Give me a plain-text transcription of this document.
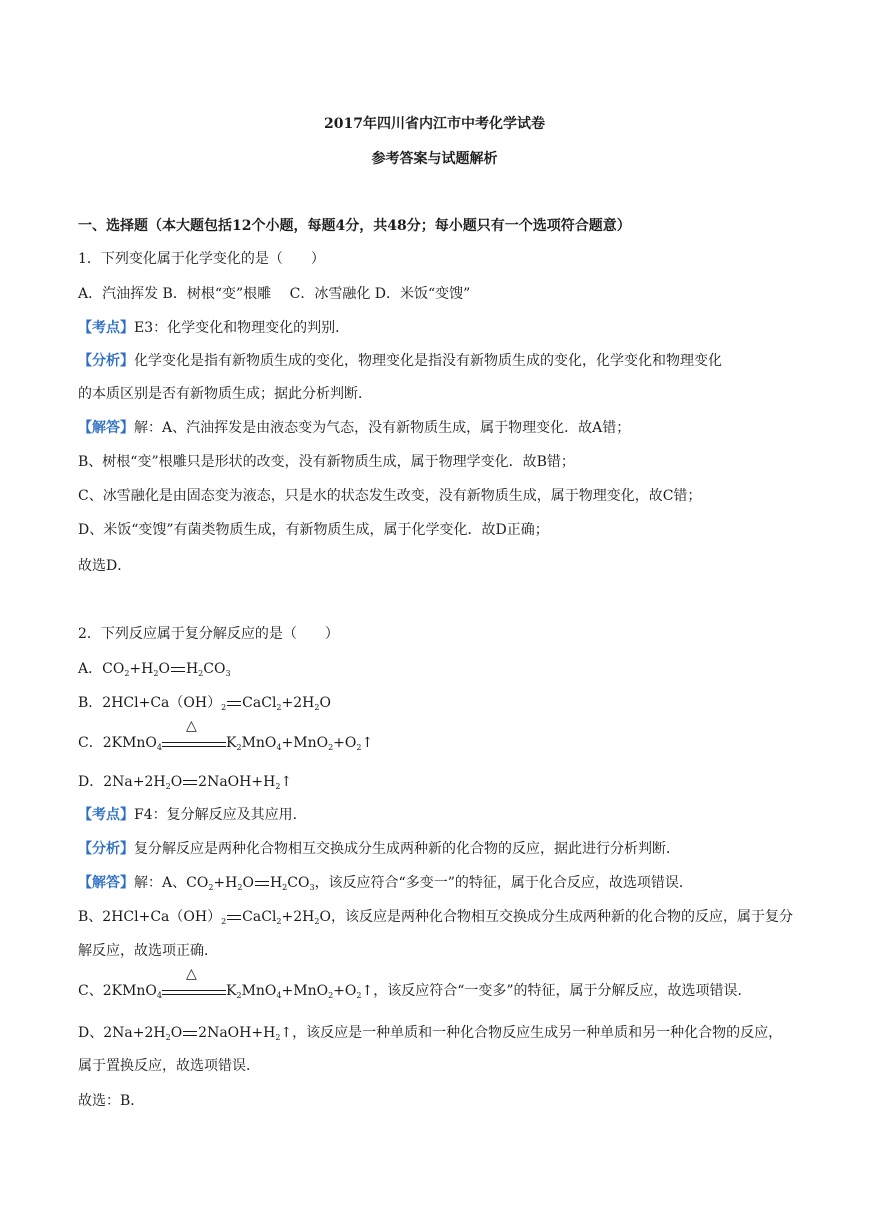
2017年四川省内江市中考化学试卷
参考答案与试题解析
一、选择题（本大题包括12个小题，每题4分，共48分；每小题只有一个选项符合题意）
1．下列变化属于化学变化的是（　　）
A．汽油挥发 B．树根“变”根雕　 C．冰雪融化 D．米饭“变馊”
【考点】E3：化学变化和物理变化的判别．
【分析】化学变化是指有新物质生成的变化，物理变化是指没有新物质生成的变化，化学变化和物理变化
的本质区别是否有新物质生成；据此分析判断．
【解答】解：A、汽油挥发是由液态变为气态，没有新物质生成，属于物理变化．故A错；
B、树根“变”根雕只是形状的改变，没有新物质生成，属于物理学变化．故B错；
C、冰雪融化是由固态变为液态，只是水的状态发生改变，没有新物质生成，属于物理变化，故C错；
D、米饭“变馊”有菌类物质生成，有新物质生成，属于化学变化．故D正确；
故选D．
2．下列反应属于复分解反应的是（　　）
A．$CO_2+H_2O$ $H_2CO_3$
B．$2HCl+Ca(OH)_2$ $CaCl_2+2H_2O$
C．2KMnO$_4$
△
$K_2MnO_4+MnO_2+O_2↑$
D．$2Na+2H_2O$ $2NaOH+H_2↑$
【考点】F4：复分解反应及其应用．
【分析】复分解反应是两种化合物相互交换成分生成两种新的化合物的反应，据此进行分析判断．
【解答】解：A、$CO_2+H_2O$ $H_2CO_3$，该反应符合“多变一”的特征，属于化合反应，故选项错误．
B、$2HCl+Ca(OH)_2$ $CaCl_2+2H_2O$，该反应是两种化合物相互交换成分生成两种新的化合物的反应，属于复分
解反应，故选项正确．
C、2KMnO$_4$
△
$K_2MnO_4+MnO_2+O_2↑$，该反应符合“一变多”的特征，属于分解反应，故选项错误．
D、$2Na+2H_2O$ $2NaOH+H_2↑$，该反应是一种单质和一种化合物反应生成另一种单质和另一种化合物的反应，
属于置换反应，故选项错误．
故选：B．
